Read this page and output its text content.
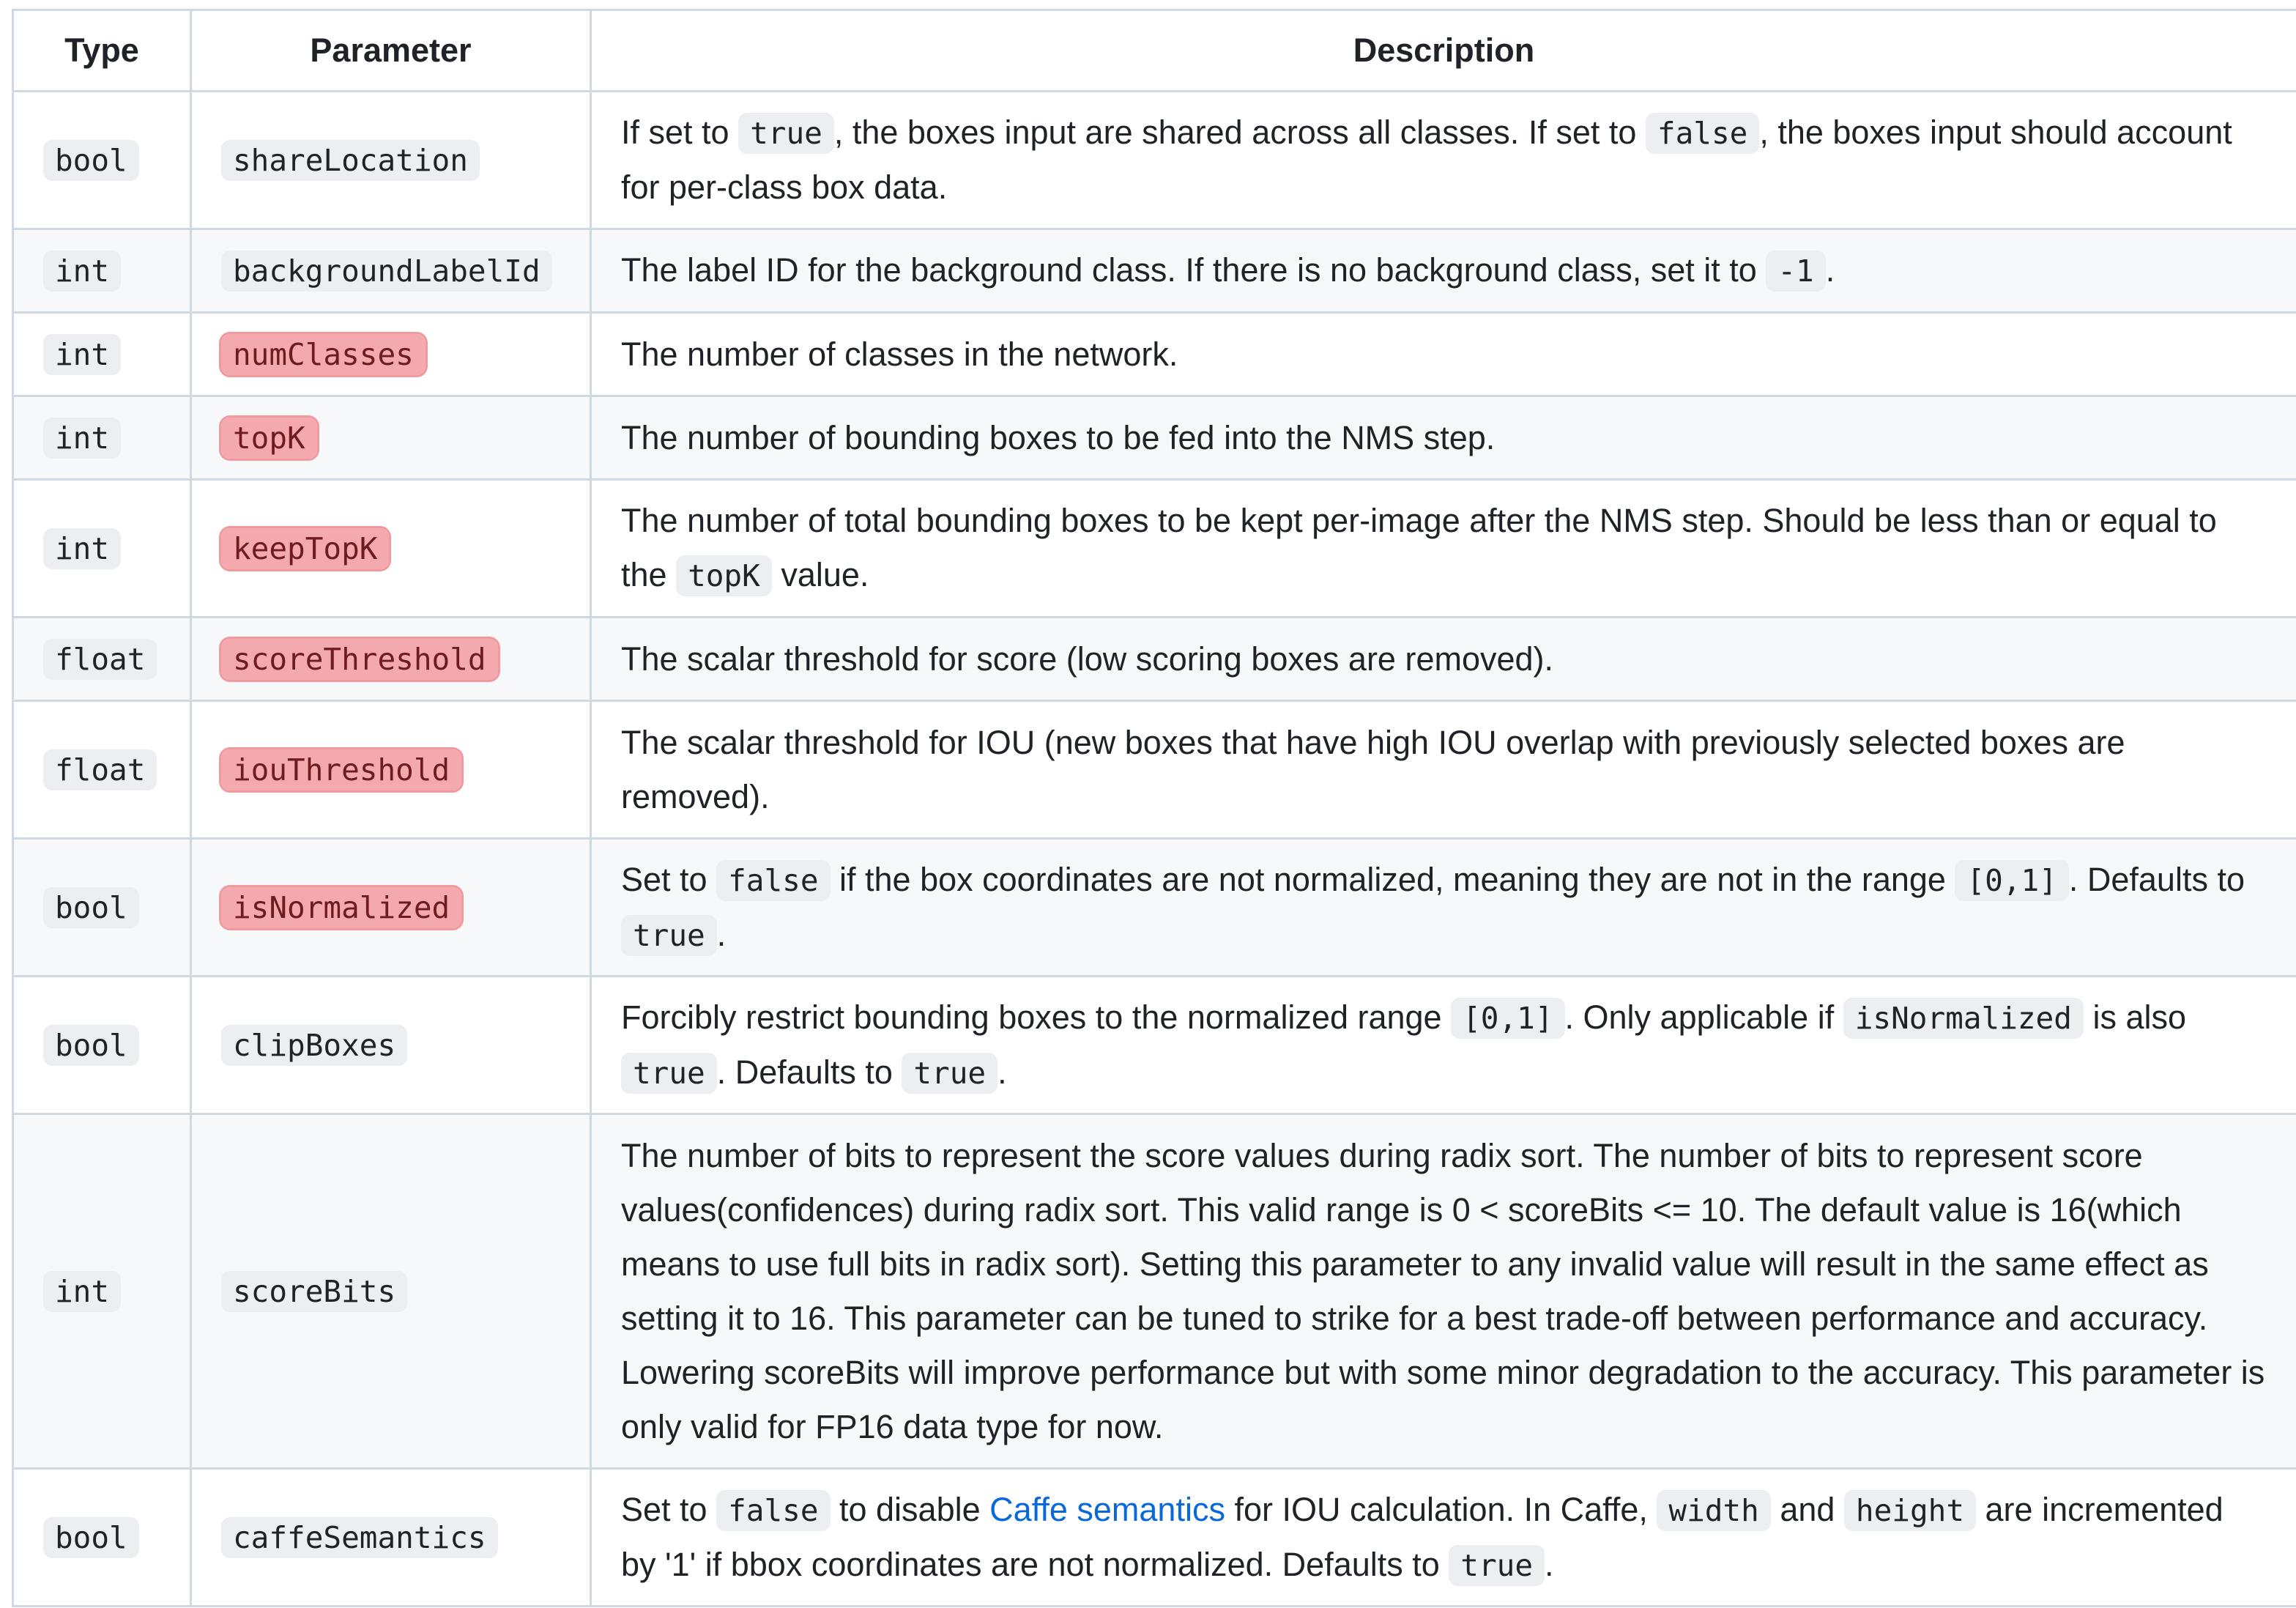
Type	Parameter	Description
bool	shareLocation	If set to true , the boxes input are shared across all classes. If set to false , the boxes input should account for per-class box data.
int	backgroundLabelId	The label ID for the background class. If there is no background class, set it to -1 .
int	numClasses	The number of classes in the network.
int	topK	The number of bounding boxes to be fed into the NMS step.
int	keepTopK	The number of total bounding boxes to be kept per-image after the NMS step. Should be less than or equal to the topK value.
float	scoreThreshold	The scalar threshold for score (low scoring boxes are removed).
float	iouThreshold	The scalar threshold for IOU (new boxes that have high IOU overlap with previously selected boxes are removed).
bool	isNormalized	Set to false if the box coordinates are not normalized, meaning they are not in the range [0,1] . Defaults to true .
bool	clipBoxes	Forcibly restrict bounding boxes to the normalized range [0,1] . Only applicable if isNormalized is also true . Defaults to true .
int	scoreBits	The number of bits to represent the score values during radix sort. The number of bits to represent score values(confidences) during radix sort. This valid range is 0 < scoreBits <= 10. The default value is 16(which means to use full bits in radix sort). Setting this parameter to any invalid value will result in the same effect as setting it to 16. This parameter can be tuned to strike for a best trade-off between performance and accuracy. Lowering scoreBits will improve performance but with some minor degradation to the accuracy. This parameter is only valid for FP16 data type for now.
bool	caffeSemantics	Set to false to disable Caffe semantics for IOU calculation. In Caffe, width and height are incremented by '1' if bbox coordinates are not normalized. Defaults to true .
